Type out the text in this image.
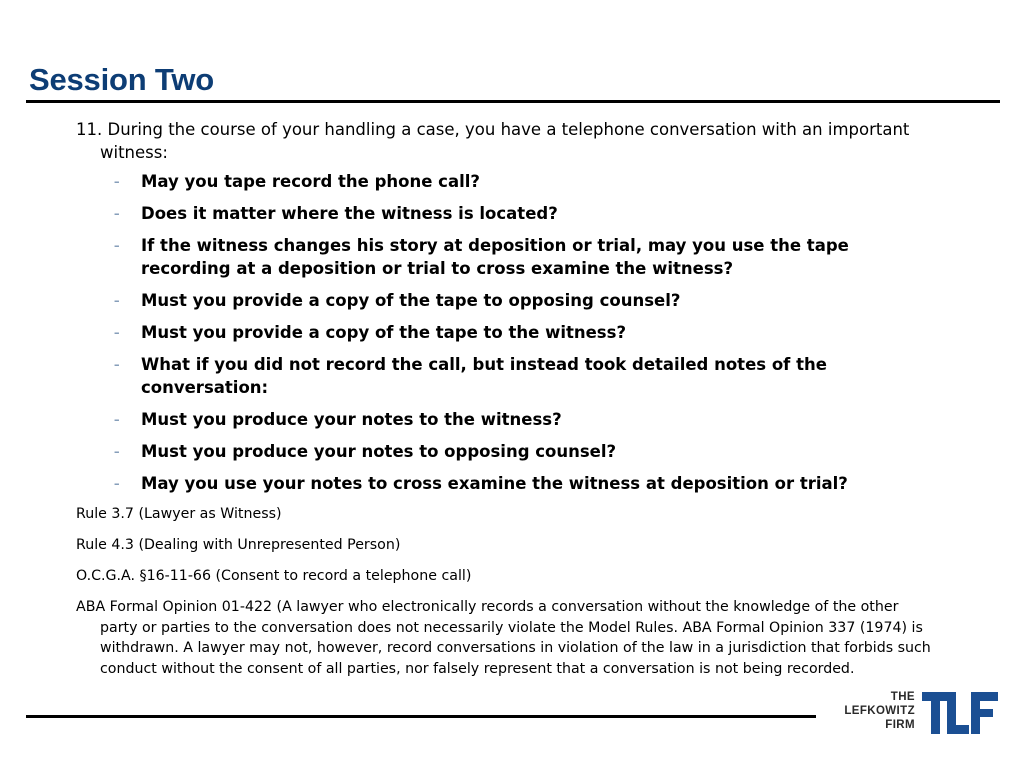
Session Two

11. During the course of your handling a case, you have a telephone conversation with an important witness:

– May you tape record the phone call?
– Does it matter where the witness is located?
– If the witness changes his story at deposition or trial, may you use the tape recording at a deposition or trial to cross examine the witness?
– Must you provide a copy of the tape to opposing counsel?
– Must you provide a copy of the tape to the witness?
– What if you did not record the call, but instead took detailed notes of the conversation:
– Must you produce your notes to the witness?
– Must you produce your notes to opposing counsel?
– May you use your notes to cross examine the witness at deposition or trial?

Rule 3.7 (Lawyer as Witness)

Rule 4.3 (Dealing with Unrepresented Person)

O.C.G.A. §16-11-66 (Consent to record a telephone call)

ABA Formal Opinion 01-422 (A lawyer who electronically records a conversation without the knowledge of the other party or parties to the conversation does not necessarily violate the Model Rules. ABA Formal Opinion 337 (1974) is withdrawn. A lawyer may not, however, record conversations in violation of the law in a jurisdiction that forbids such conduct without the consent of all parties, nor falsely represent that a conversation is not being recorded.

THE
LEFKOWITZ
FIRM
